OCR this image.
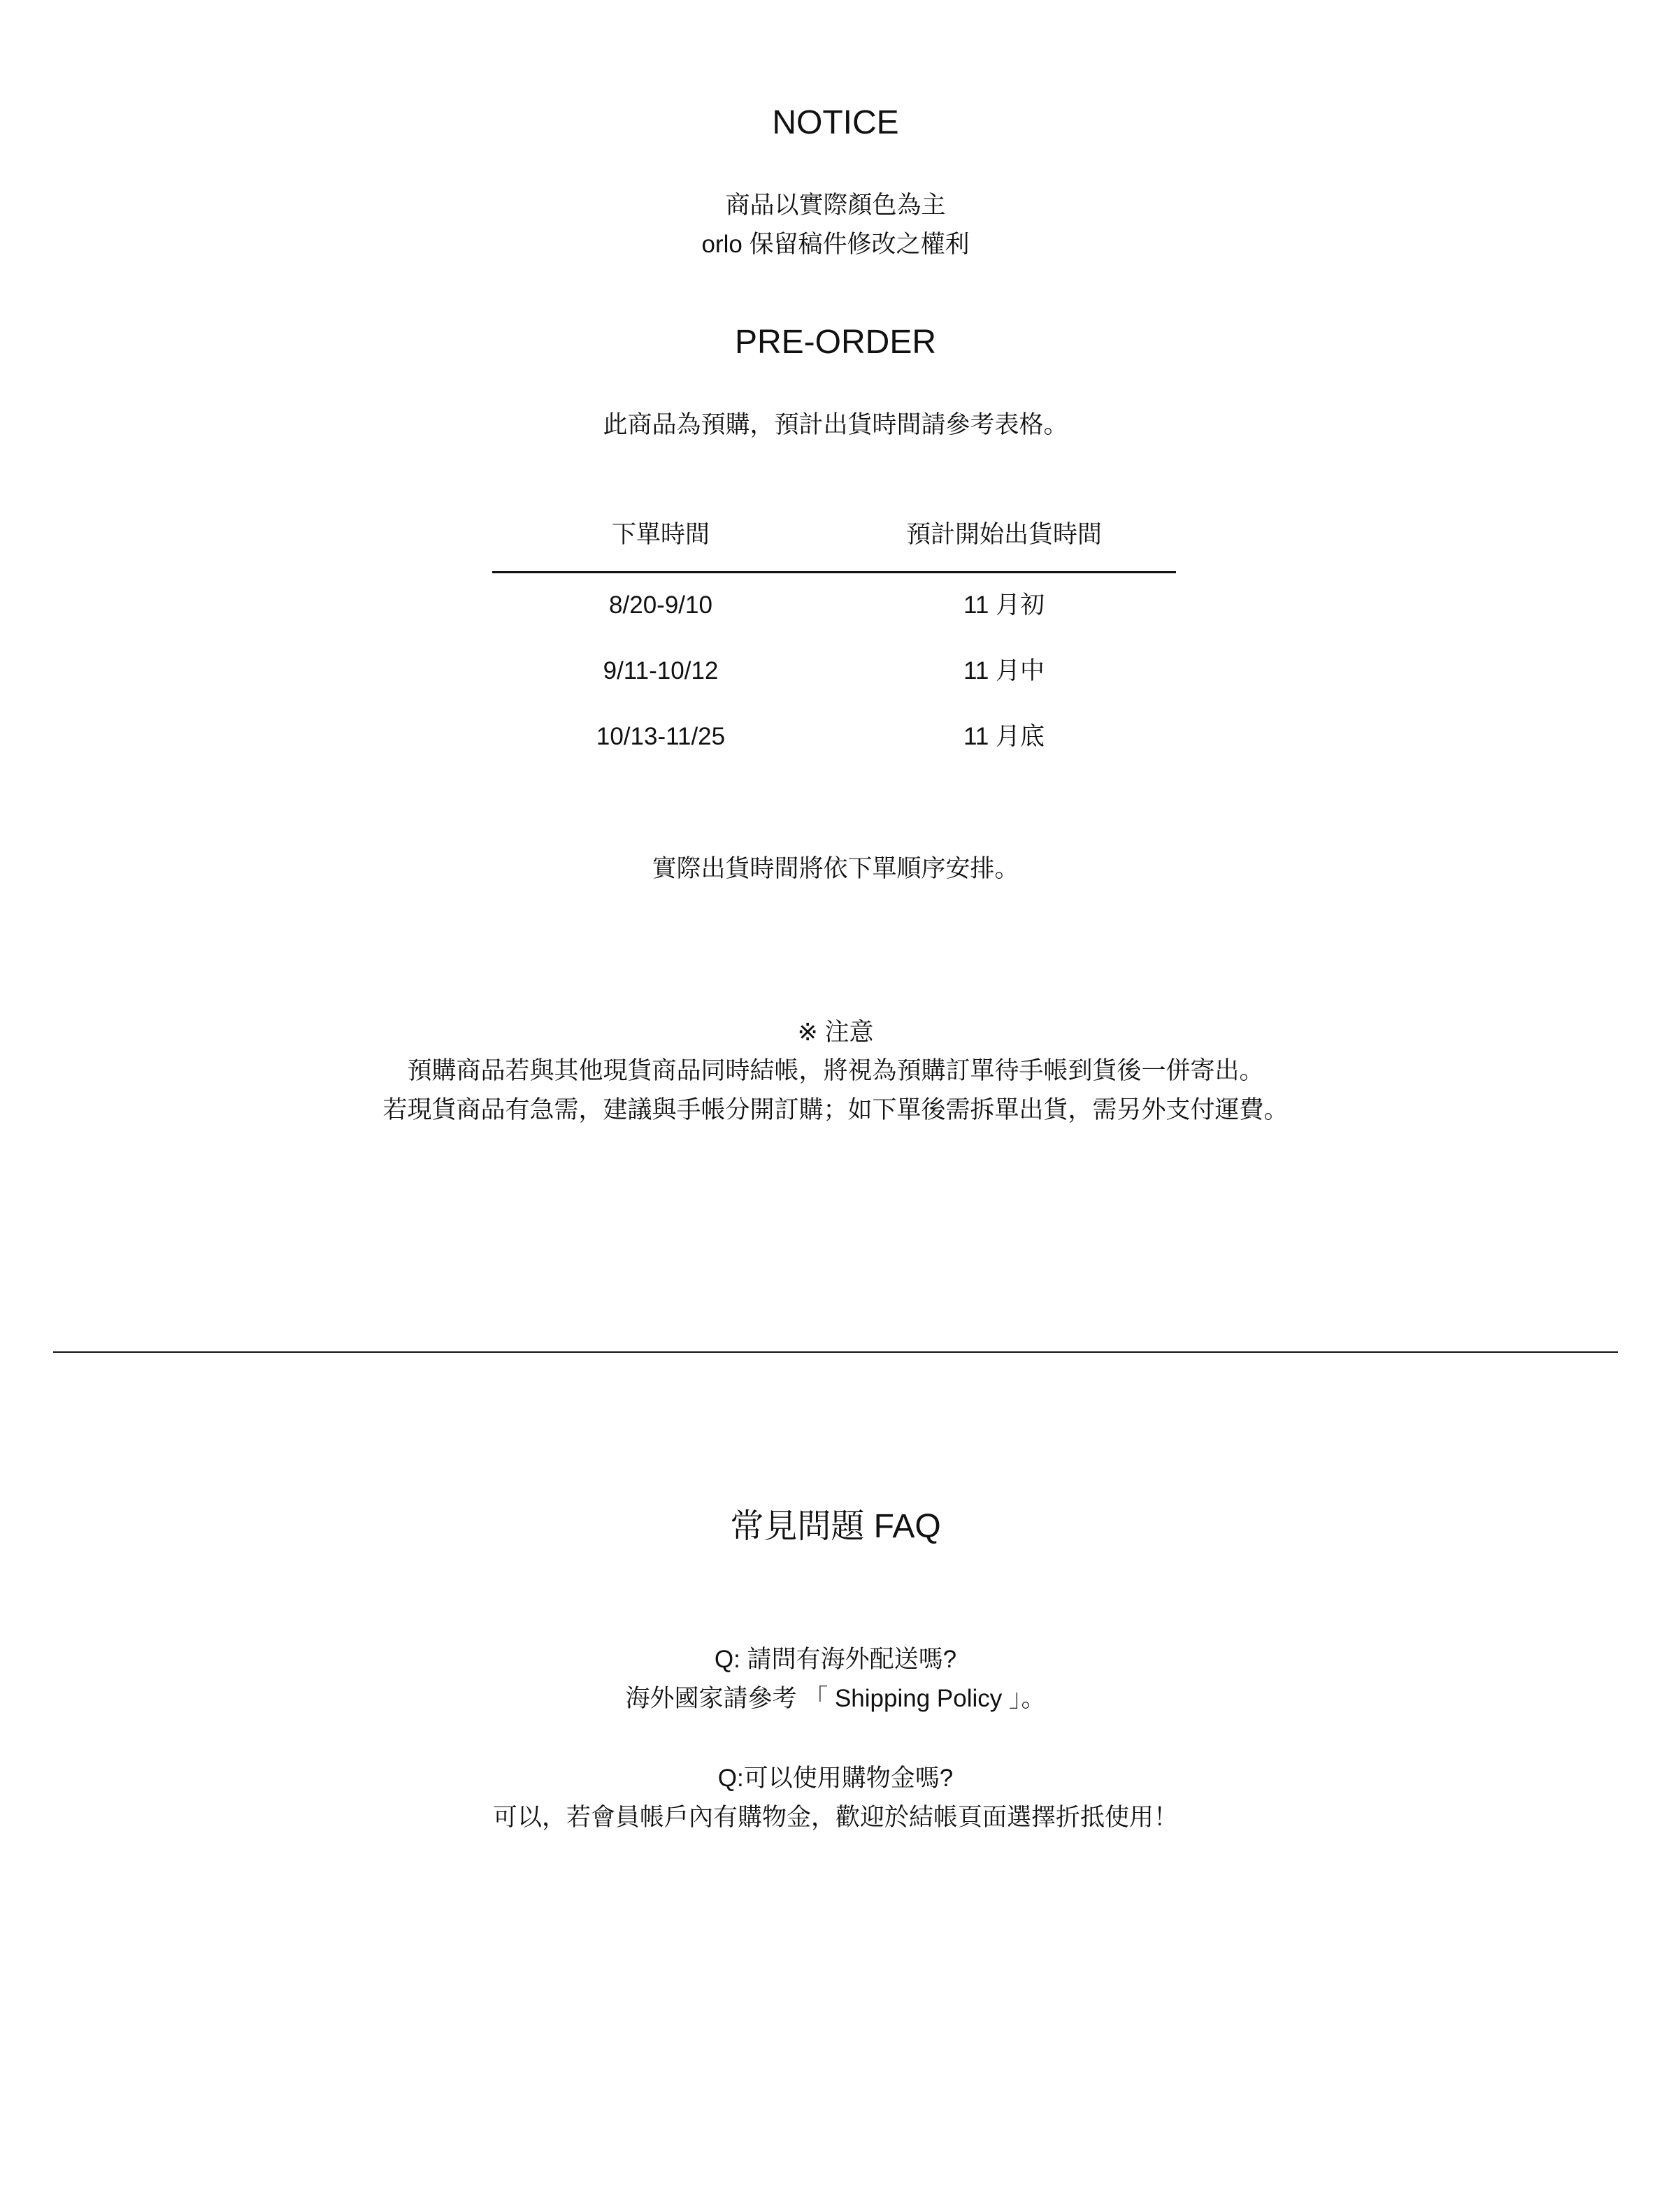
NOTICE
商品以實際顏色為主
orlo 保留稿件修改之權利
PRE-ORDER
此商品為預購，預計出貨時間請參考表格。
下單時間	預計開始出貨時間
8/20-9/10	11 月初
9/11-10/12	11 月中
10/13-11/25	11 月底
實際出貨時間將依下單順序安排。
※ 注意
預購商品若與其他現貨商品同時結帳，將視為預購訂單待手帳到貨後一併寄出。
若現貨商品有急需，建議與手帳分開訂購；如下單後需拆單出貨，需另外支付運費。
常見問題 FAQ
Q: 請問有海外配送嗎?
海外國家請參考 「 Shipping Policy 」。
Q:可以使用購物金嗎?
可以，若會員帳戶內有購物金，歡迎於結帳頁面選擇折抵使用！
